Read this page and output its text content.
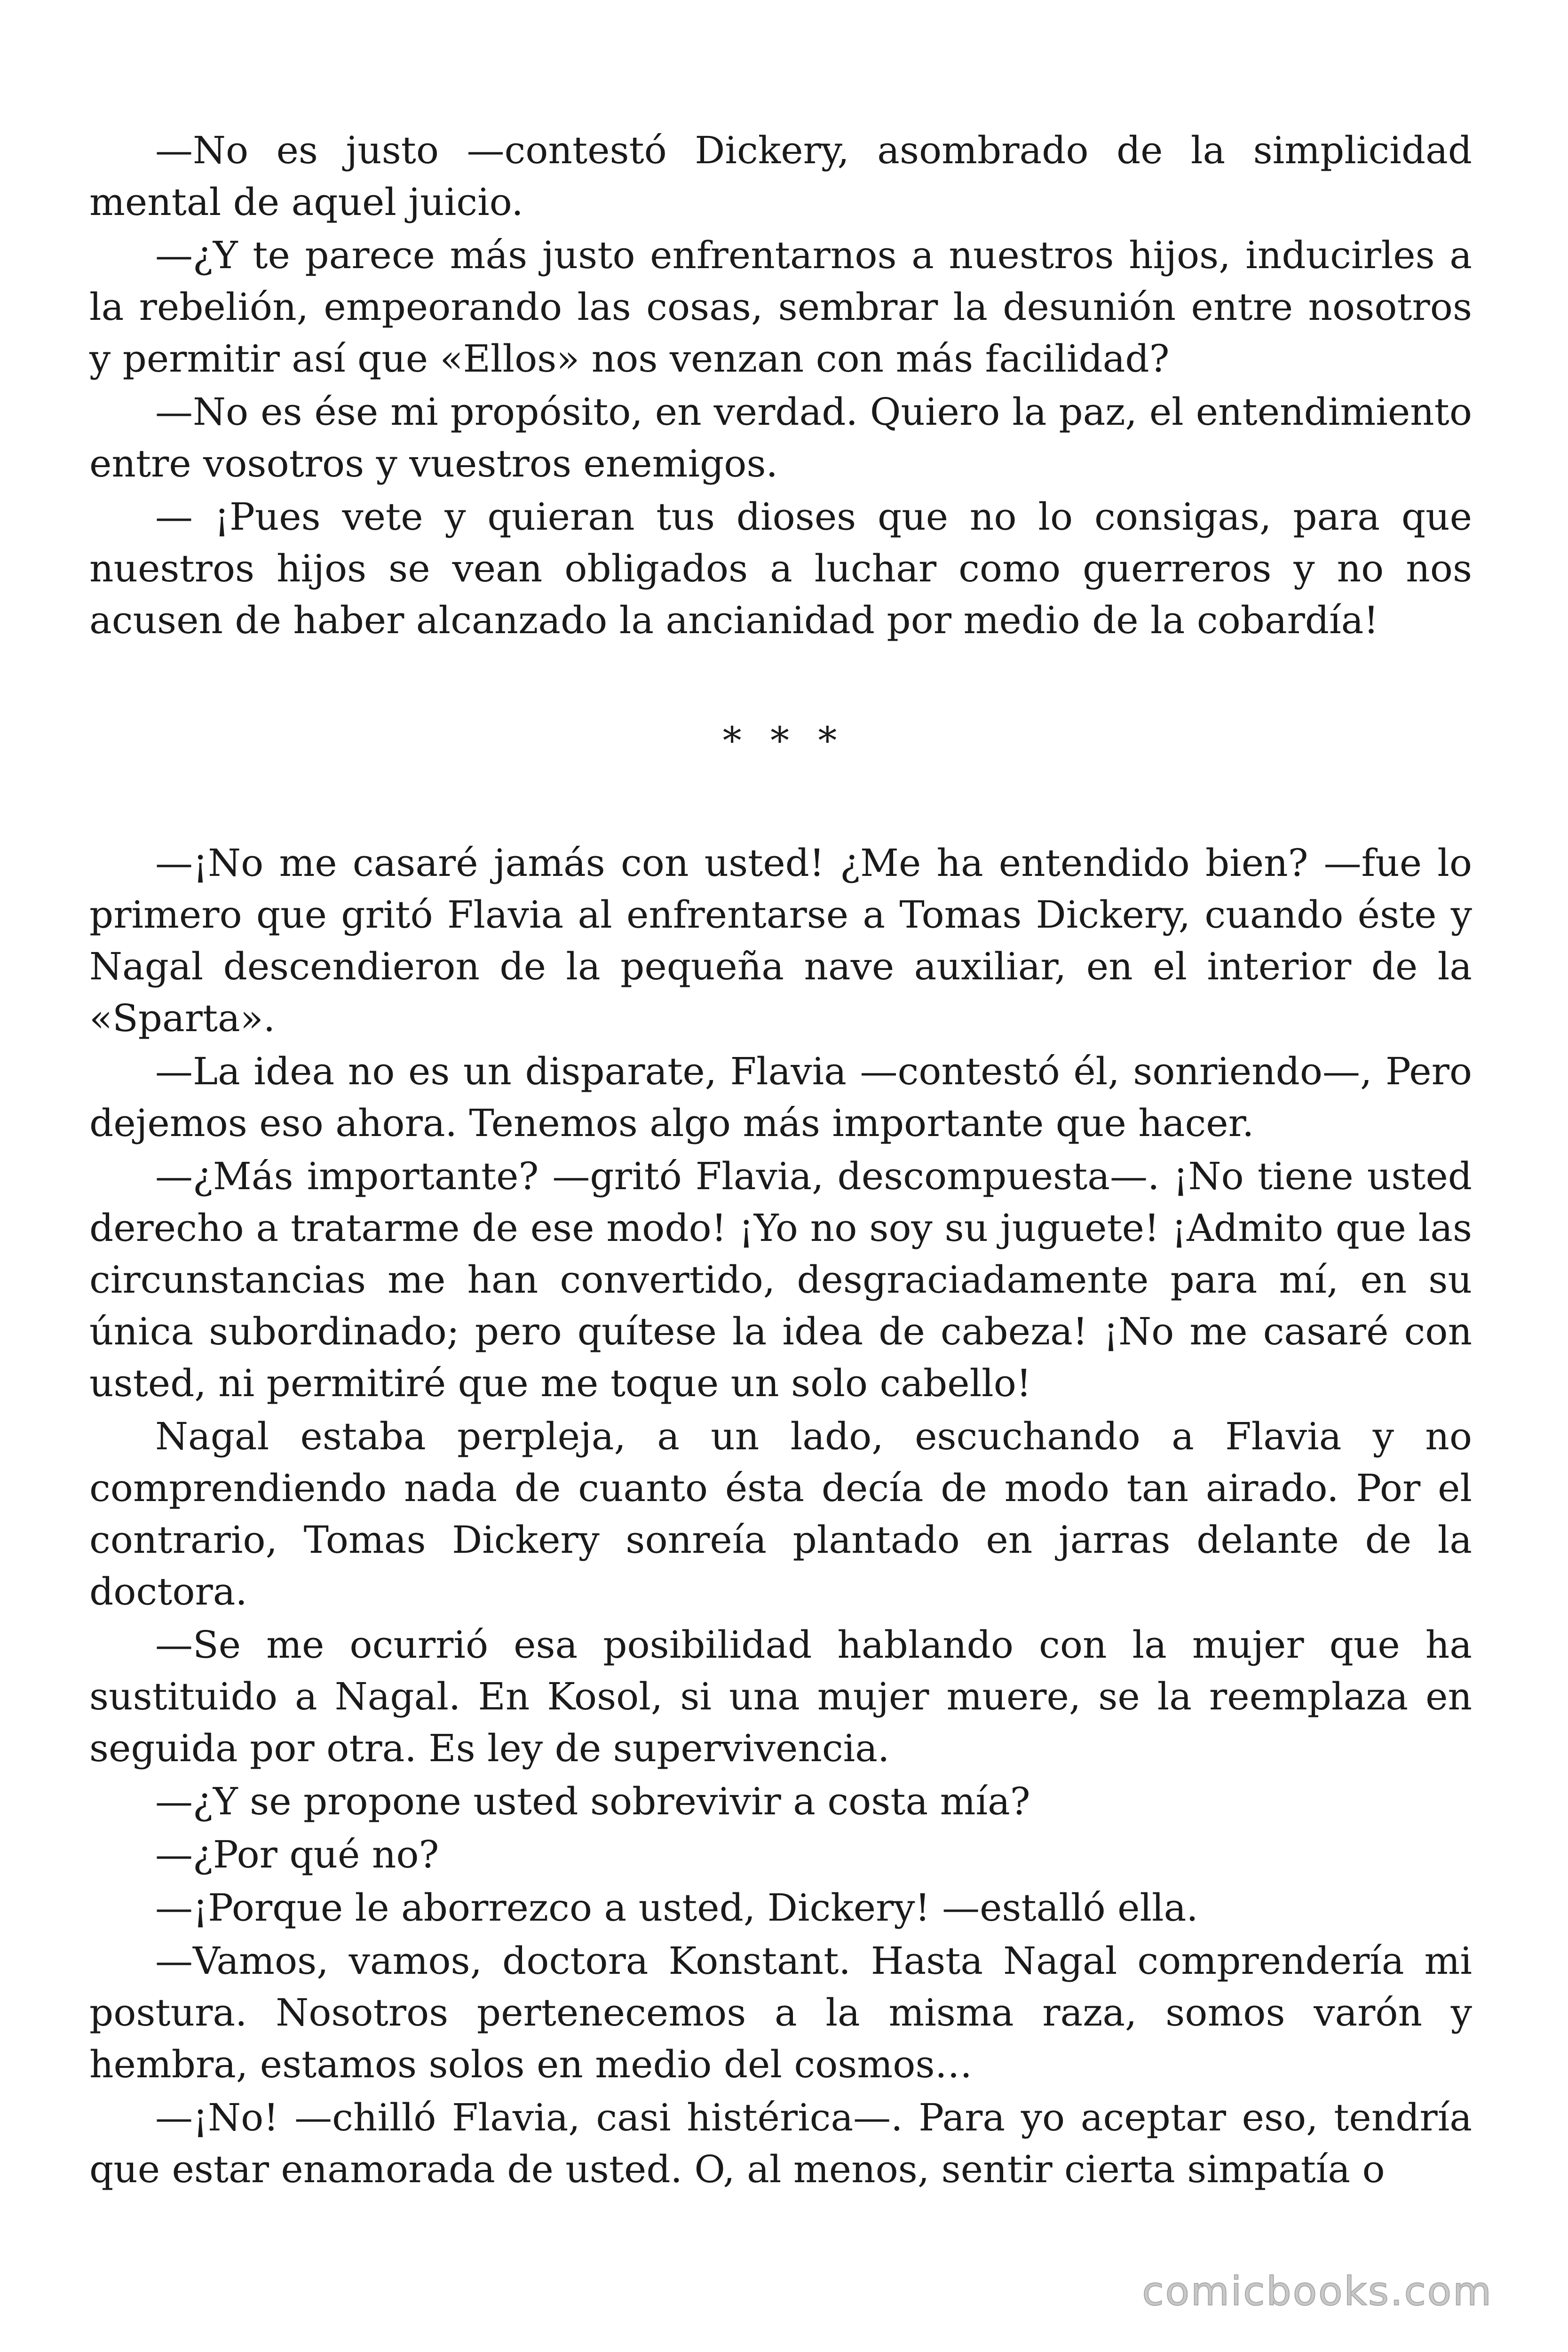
—No es justo —contestó Dickery, asombrado de la simplicidad mental de aquel juicio.

—¿Y te parece más justo enfrentarnos a nuestros hijos, inducirles a la rebelión, empeorando las cosas, sembrar la desunión entre nosotros y permitir así que «Ellos» nos venzan con más facilidad?

—No es ése mi propósito, en verdad. Quiero la paz, el entendimiento entre vosotros y vuestros enemigos.

— ¡Pues vete y quieran tus dioses que no lo consigas, para que nuestros hijos se vean obligados a luchar como guerreros y no nos acusen de haber alcanzado la ancianidad por medio de la cobardía!

* * *

—¡No me casaré jamás con usted! ¿Me ha entendido bien? —fue lo primero que gritó Flavia al enfrentarse a Tomas Dickery, cuando éste y Nagal descendieron de la pequeña nave auxiliar, en el interior de la «Sparta».

—La idea no es un disparate, Flavia —contestó él, sonriendo—, Pero dejemos eso ahora. Tenemos algo más importante que hacer.

—¿Más importante? —gritó Flavia, descompuesta—. ¡No tiene usted derecho a tratarme de ese modo! ¡Yo no soy su juguete! ¡Admito que las circunstancias me han convertido, desgraciadamente para mí, en su única subordinado; pero quítese la idea de cabeza! ¡No me casaré con usted, ni permitiré que me toque un solo cabello!

Nagal estaba perpleja, a un lado, escuchando a Flavia y no comprendiendo nada de cuanto ésta decía de modo tan airado. Por el contrario, Tomas Dickery sonreía plantado en jarras delante de la doctora.

—Se me ocurrió esa posibilidad hablando con la mujer que ha sustituido a Nagal. En Kosol, si una mujer muere, se la reemplaza en seguida por otra. Es ley de supervivencia.

—¿Y se propone usted sobrevivir a costa mía?

—¿Por qué no?

—¡Porque le aborrezco a usted, Dickery! —estalló ella.

—Vamos, vamos, doctora Konstant. Hasta Nagal comprendería mi postura. Nosotros pertenecemos a la misma raza, somos varón y hembra, estamos solos en medio del cosmos…

—¡No! —chilló Flavia, casi histérica—. Para yo aceptar eso, tendría que estar enamorada de usted. O, al menos, sentir cierta simpatía o

comicbooks.com
